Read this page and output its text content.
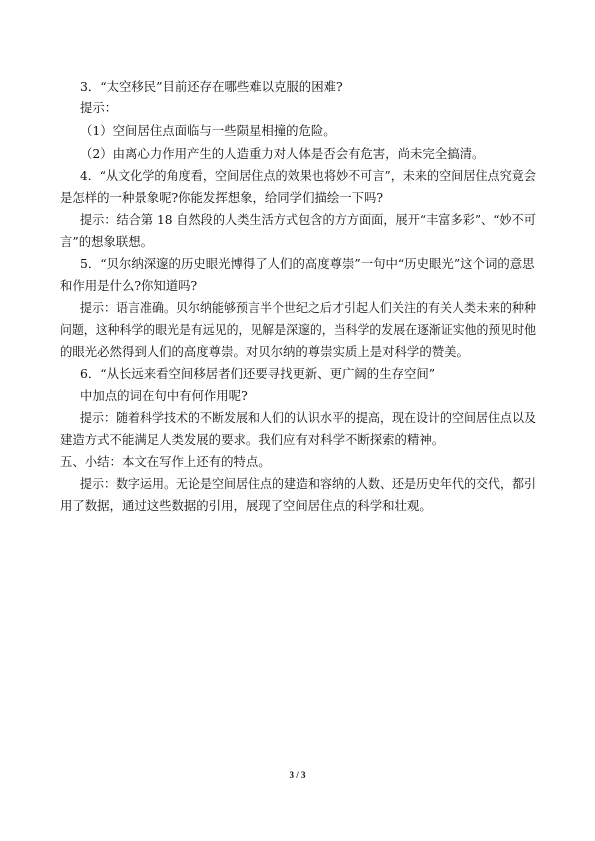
3．“太空移民”目前还存在哪些难以克服的困难?
提示：
（1）空间居住点面临与一些陨星相撞的危险。
（2）由离心力作用产生的人造重力对人体是否会有危害，尚未完全搞清。
4．“从文化学的角度看，空间居住点的效果也将妙不可言”，未来的空间居住点究竟会
是怎样的一种景象呢?你能发挥想象，给同学们描绘一下吗?
提示：结合第 18 自然段的人类生活方式包含的方方面面，展开“丰富多彩”、“妙不可
言”的想象联想。
5．“贝尔纳深邃的历史眼光博得了人们的高度尊崇”一句中“历史眼光”这个词的意思
和作用是什么?你知道吗?
提示：语言准确。贝尔纳能够预言半个世纪之后才引起人们关注的有关人类未来的种种
问题，这种科学的眼光是有远见的，见解是深邃的，当科学的发展在逐渐证实他的预见时他
的眼光必然得到人们的高度尊崇。对贝尔纳的尊崇实质上是对科学的赞美。
6．“从长远来看空间移居者们还要寻找更新、更广阔的生存空间”
中加点的词在句中有何作用呢?
提示：随着科学技术的不断发展和人们的认识水平的提高，现在设计的空间居住点以及
建造方式不能满足人类发展的要求。我们应有对科学不断探索的精神。
五、小结：本文在写作上还有的特点。
提示：数字运用。无论是空间居住点的建造和容纳的人数、还是历史年代的交代，都引
用了数据，通过这些数据的引用，展现了空间居住点的科学和壮观。
3 / 3
